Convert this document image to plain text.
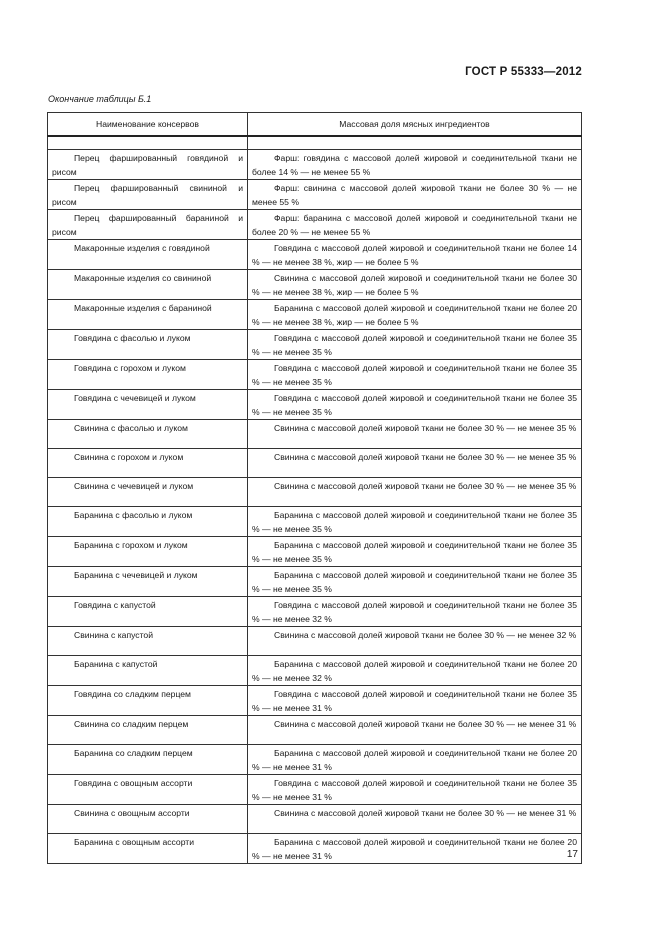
ГОСТ Р 55333—2012
Окончание таблицы Б.1
Наименование консервов	Массовая доля мясных ингредиентов

Перец фаршированный говядиной и рисом	Фарш: говядина с массовой долей жировой и соединительной ткани не более 14 % — не менее 55 %
Перец фаршированный свининой и рисом	Фарш: свинина с массовой долей жировой ткани не более 30 % — не менее 55 %
Перец фаршированный бараниной и рисом	Фарш: баранина с массовой долей жировой и соединительной ткани не более 20 % — не менее 55 %
Макаронные изделия с говядиной	Говядина с массовой долей жировой и соединительной ткани не более 14 % — не менее 38 %, жир — не более 5 %
Макаронные изделия со свининой	Свинина с массовой долей жировой и соединительной ткани не более 30 % — не менее 38 %, жир — не более 5 %
Макаронные изделия с бараниной	Баранина с массовой долей жировой и соединительной ткани не более 20 % — не менее 38 %, жир — не более 5 %
Говядина с фасолью и луком	Говядина с массовой долей жировой и соединительной ткани не более 35 % — не менее 35 %
Говядина с горохом и луком	Говядина с массовой долей жировой и соединительной ткани не более 35 % — не менее 35 %
Говядина с чечевицей и луком	Говядина с массовой долей жировой и соединительной ткани не более 35 % — не менее 35 %
Свинина с фасолью и луком	Свинина с массовой долей жировой ткани не более 30 % — не менее 35 %
Свинина с горохом и луком	Свинина с массовой долей жировой ткани не более 30 % — не менее 35 %
Свинина с чечевицей и луком	Свинина с массовой долей жировой ткани не более 30 % — не менее 35 %
Баранина с фасолью и луком	Баранина с массовой долей жировой и соединительной ткани не более 35 % — не менее 35 %
Баранина с горохом и луком	Баранина с массовой долей жировой и соединительной ткани не более 35 % — не менее 35 %
Баранина с чечевицей и луком	Баранина с массовой долей жировой и соединительной ткани не более 35 % — не менее 35 %
Говядина с капустой	Говядина с массовой долей жировой и соединительной ткани не более 35 % — не менее 32 %
Свинина с капустой	Свинина с массовой долей жировой ткани не более 30 % — не менее 32 %
Баранина с капустой	Баранина с массовой долей жировой и соединительной ткани не более 20 % — не менее 32 %
Говядина со сладким перцем	Говядина с массовой долей жировой и соединительной ткани не более 35 % — не менее 31 %
Свинина со сладким перцем	Свинина с массовой долей жировой ткани не более 30 % — не менее 31 %
Баранина со сладким перцем	Баранина с массовой долей жировой и соединительной ткани не более 20 % — не менее 31 %
Говядина с овощным ассорти	Говядина с массовой долей жировой и соединительной ткани не более 35 % — не менее 31 %
Свинина с овощным ассорти	Свинина с массовой долей жировой ткани не более 30 % — не менее 31 %
Баранина с овощным ассорти	Баранина с массовой долей жировой и соединительной ткани не более 20 % — не менее 31 %	17
